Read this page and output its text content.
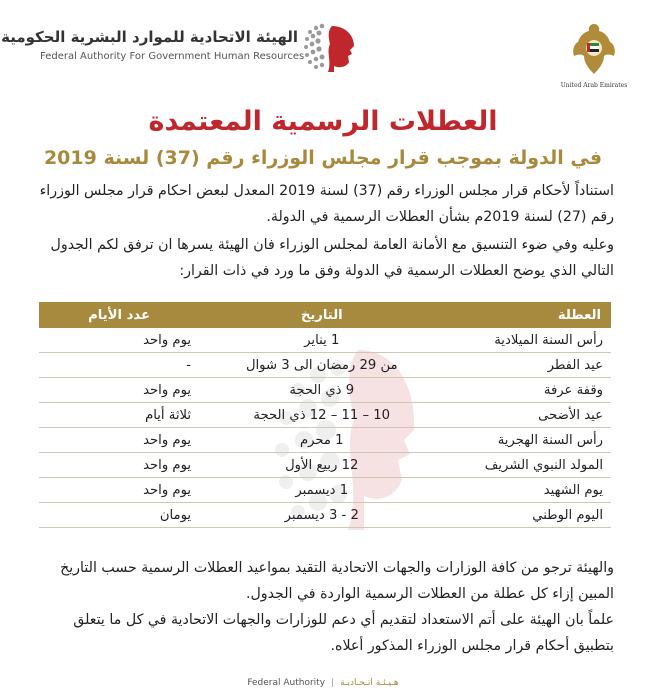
الهيئة الاتحادية للموارد البشرية الحكومية
Federal Authority For Government Human Resources
United Arab Emirates
العطلات الرسمية المعتمدة
في الدولة بموجب قرار مجلس الوزراء رقم (37) لسنة 2019
استناداً لأحكام قرار مجلس الوزراء رقم (37) لسنة 2019 المعدل لبعض احكام قرار مجلس الوزراء رقم (27) لسنة 2019م بشأن العطلات الرسمية في الدولة.
وعليه وفي ضوء التنسيق مع الأمانة العامة لمجلس الوزراء فان الهيئة يسرها ان ترفق لكم الجدول التالي الذي يوضح العطلات الرسمية في الدولة وفق ما ورد في ذات القرار:
العطلة	التاريخ	عدد الأيام
رأس السنة الميلادية	1 يناير	يوم واحد
عيد الفطر	من 29 رمضان الى 3 شوال	-
وقفة عرفة	9 ذي الحجة	يوم واحد
عيد الأضحى	10 – 11 – 12 ذي الحجة	ثلاثة أيام
رأس السنة الهجرية	1 محرم	يوم واحد
المولد النبوي الشريف	12 ربيع الأول	يوم واحد
يوم الشهيد	1 ديسمبر	يوم واحد
اليوم الوطني	2 - 3 ديسمبر	يومان
والهيئة ترجو من كافة الوزارات والجهات الاتحادية التقيد بمواعيد العطلات الرسمية حسب التاريخ المبين إزاء كل عطلة من العطلات الرسمية الواردة في الجدول.
علماً بان الهيئة على أتم الاستعداد لتقديم أي دعم للوزارات والجهات الاتحادية في كل ما يتعلق بتطبيق أحكام قرار مجلس الوزراء المذكور أعلاه.
Federal Authority | هـيـئـة اتـحـاديـة
